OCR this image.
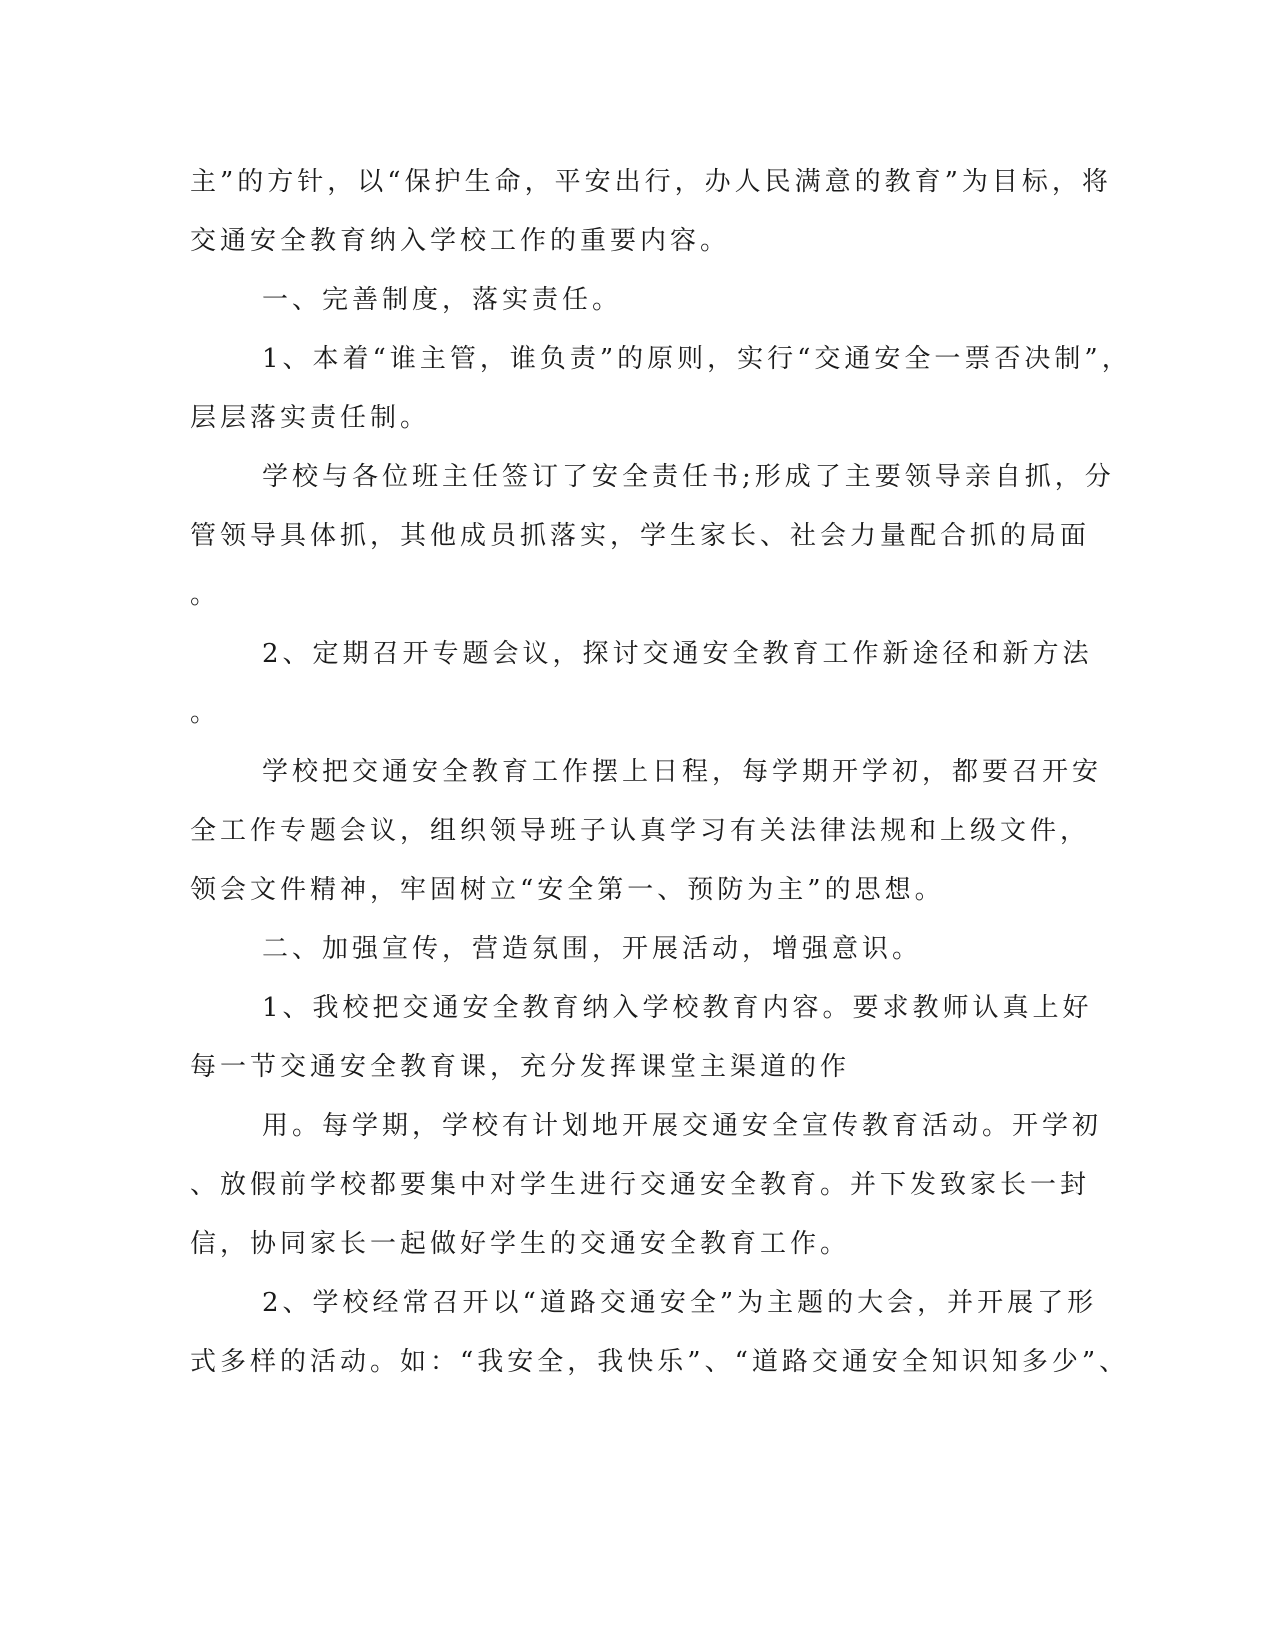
主”的方针，以“保护生命，平安出行，办人民满意的教育”为目标，将
交通安全教育纳入学校工作的重要内容。
一、完善制度，落实责任。
1、本着“谁主管，谁负责”的原则，实行“交通安全一票否决制”，
层层落实责任制。
学校与各位班主任签订了安全责任书;形成了主要领导亲自抓，分
管领导具体抓，其他成员抓落实，学生家长、社会力量配合抓的局面
。
2、定期召开专题会议，探讨交通安全教育工作新途径和新方法
。
学校把交通安全教育工作摆上日程，每学期开学初，都要召开安
全工作专题会议，组织领导班子认真学习有关法律法规和上级文件，
领会文件精神，牢固树立“安全第一、预防为主”的思想。
二、加强宣传，营造氛围，开展活动，增强意识。
1、我校把交通安全教育纳入学校教育内容。要求教师认真上好
每一节交通安全教育课，充分发挥课堂主渠道的作
用。每学期，学校有计划地开展交通安全宣传教育活动。开学初
、放假前学校都要集中对学生进行交通安全教育。并下发致家长一封
信，协同家长一起做好学生的交通安全教育工作。
2、学校经常召开以“道路交通安全”为主题的大会，并开展了形
式多样的活动。如：“我安全，我快乐”、“道路交通安全知识知多少”、
